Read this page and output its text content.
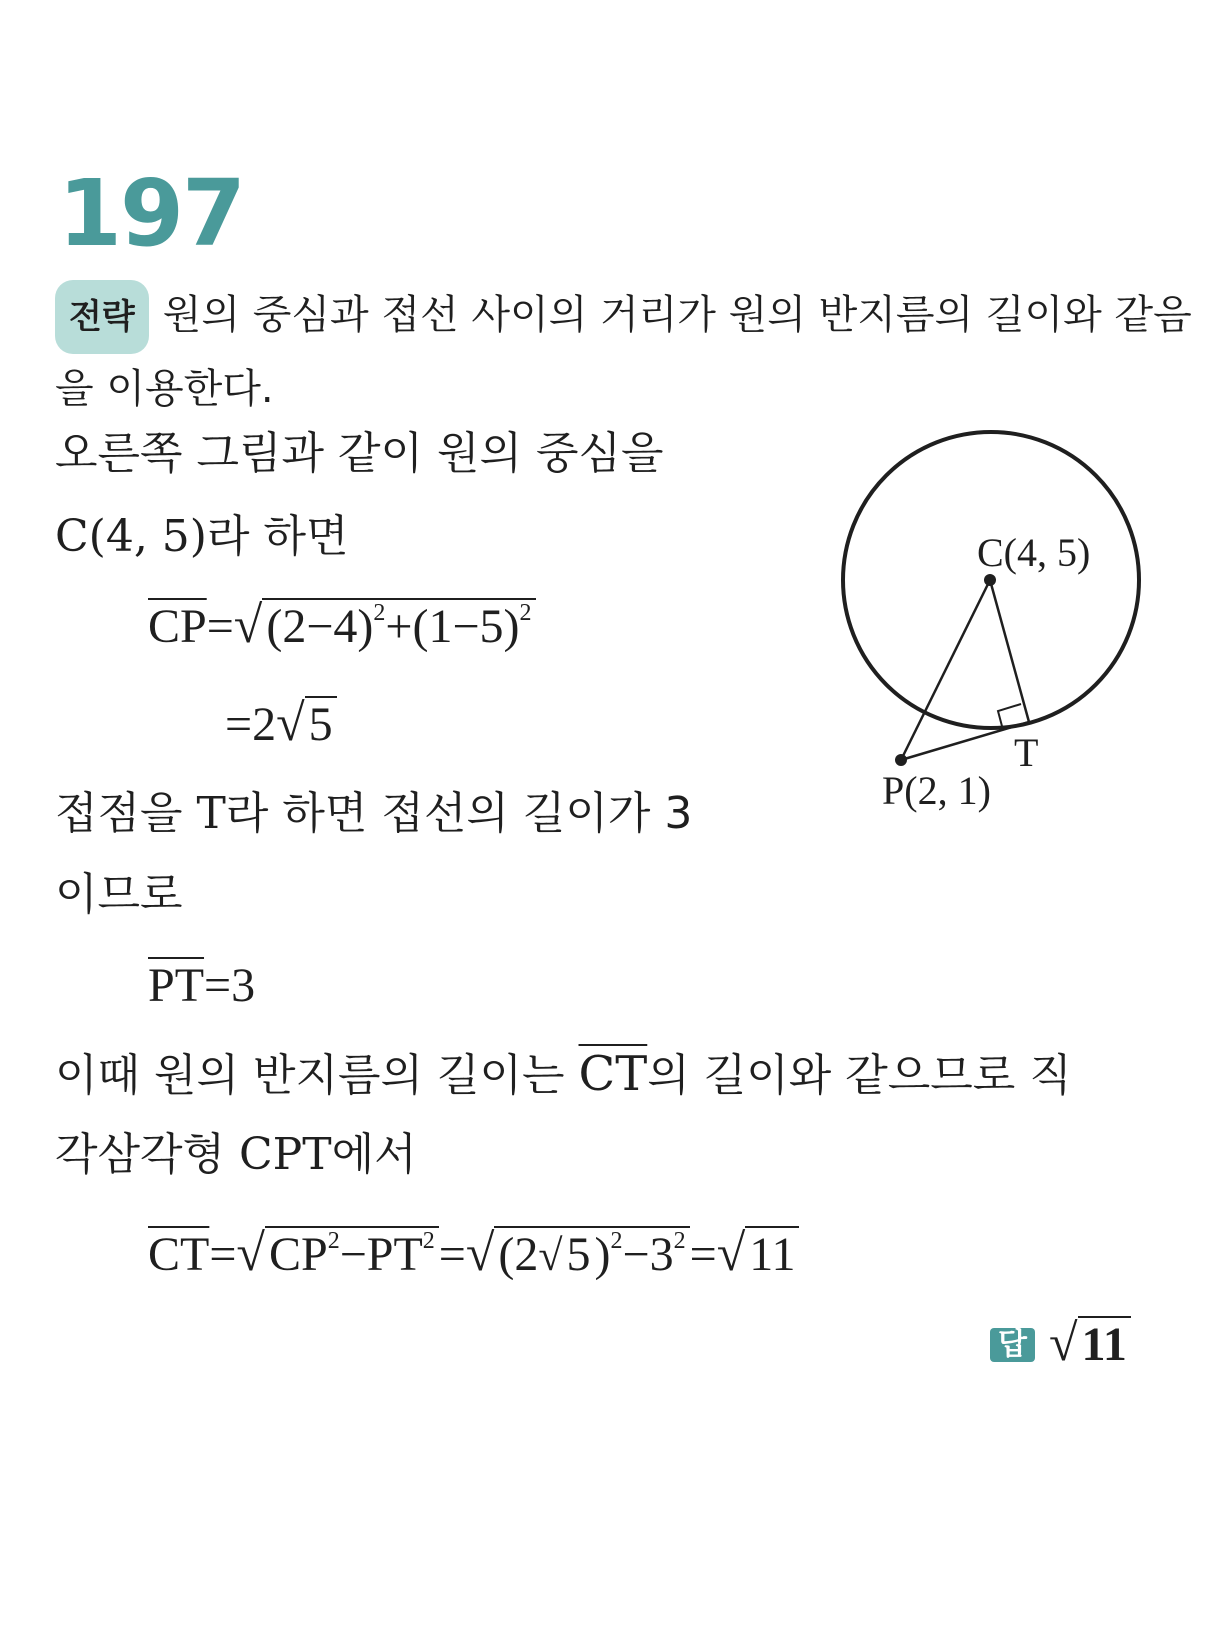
197
전략 원의 중심과 접선 사이의 거리가 원의 반지름의 길이와 같음을 이용한다.
오른쪽 그림과 같이 원의 중심을
C(4, 5)라 하면
$\overline{CP}=√(2-4)^2+(1-5)^2$
=2√5
접점을 T라 하면 접선의 길이가 3
이므로
$\overline{PT}=3$
이때 원의 반지름의 길이는 $\overline{CT}$의 길이와 같으므로 직
각삼각형 CPT에서
$\overline{CT}=√CP^2-\overline{PT}^2=√(2√5)^2-3^2=√11$
답 √11
C(4, 5)
P(2, 1)
T
